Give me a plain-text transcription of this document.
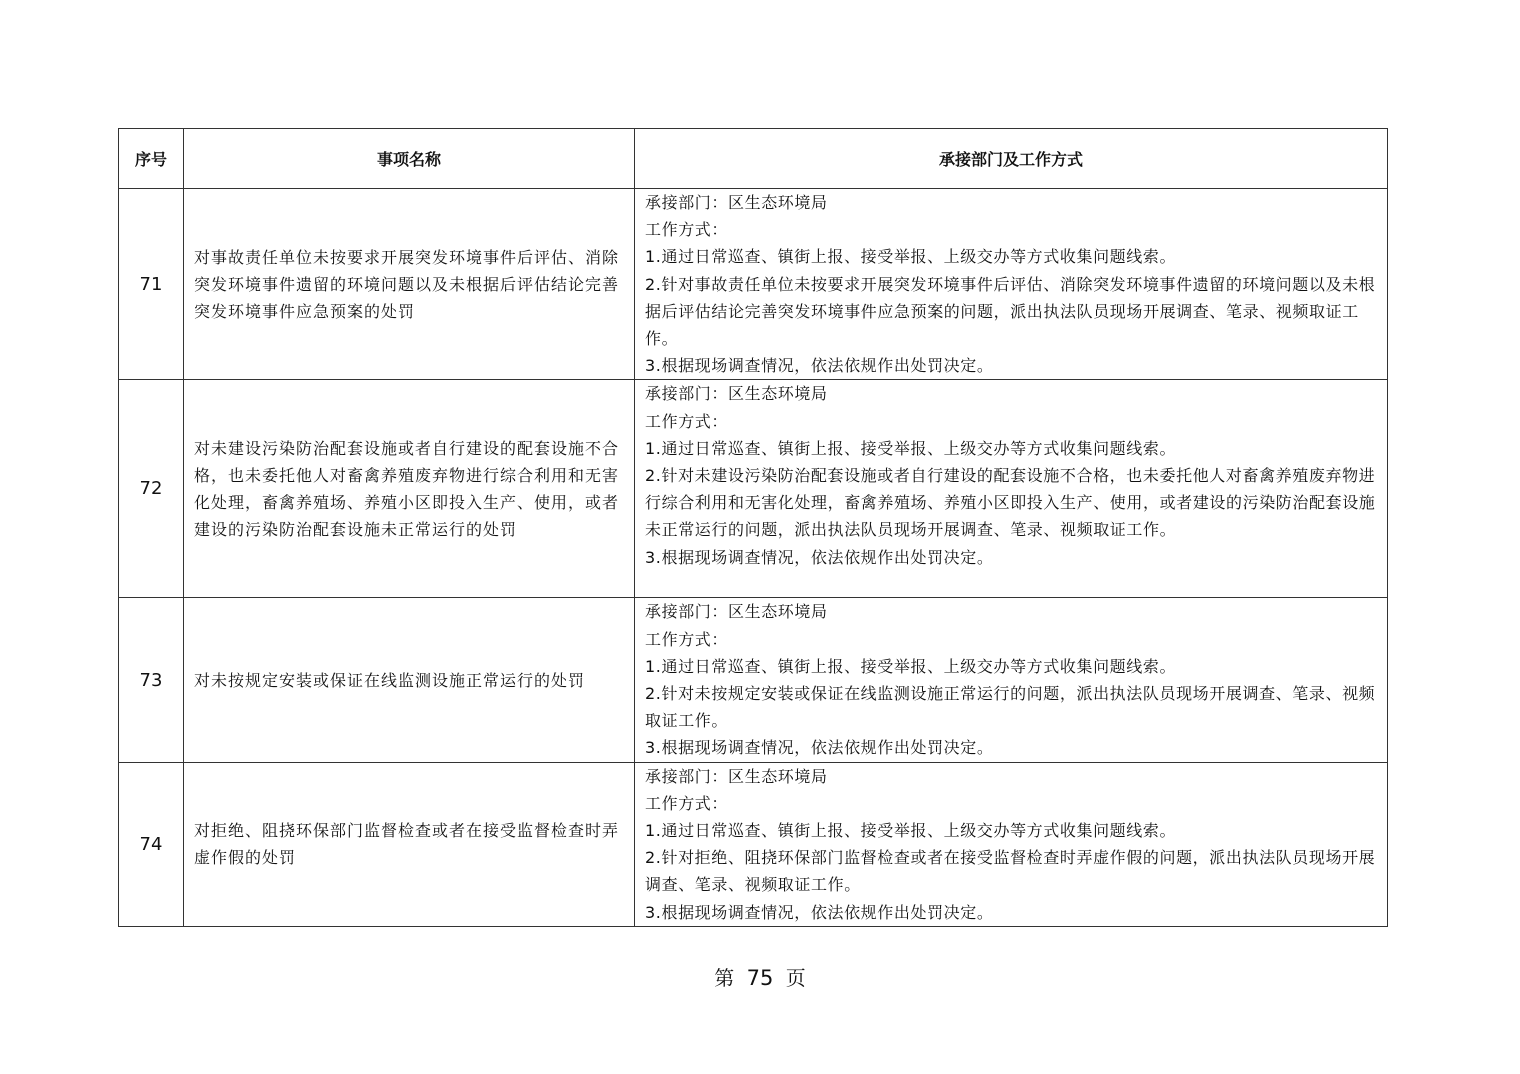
序号	事项名称	承接部门及工作方式
71	对事故责任单位未按要求开展突发环境事件后评估、消除突发环境事件遗留的环境问题以及未根据后评估结论完善突发环境事件应急预案的处罚	承接部门：区生态环境局
工作方式：
1.通过日常巡查、镇街上报、接受举报、上级交办等方式收集问题线索。
2.针对事故责任单位未按要求开展突发环境事件后评估、消除突发环境事件遗留的环境问题以及未根据后评估结论完善突发环境事件应急预案的问题，派出执法队员现场开展调查、笔录、视频取证工作。
3.根据现场调查情况，依法依规作出处罚决定。

72	对未建设污染防治配套设施或者自行建设的配套设施不合格，也未委托他人对畜禽养殖废弃物进行综合利用和无害化处理，畜禽养殖场、养殖小区即投入生产、使用，或者建设的污染防治配套设施未正常运行的处罚	承接部门：区生态环境局
工作方式：
1.通过日常巡查、镇街上报、接受举报、上级交办等方式收集问题线索。
2.针对未建设污染防治配套设施或者自行建设的配套设施不合格，也未委托他人对畜禽养殖废弃物进行综合利用和无害化处理，畜禽养殖场、养殖小区即投入生产、使用，或者建设的污染防治配套设施未正常运行的问题，派出执法队员现场开展调查、笔录、视频取证工作。
3.根据现场调查情况，依法依规作出处罚决定。

73	对未按规定安装或保证在线监测设施正常运行的处罚	承接部门：区生态环境局
工作方式：
1.通过日常巡查、镇街上报、接受举报、上级交办等方式收集问题线索。
2.针对未按规定安装或保证在线监测设施正常运行的问题，派出执法队员现场开展调查、笔录、视频取证工作。
3.根据现场调查情况，依法依规作出处罚决定。

74	对拒绝、阻挠环保部门监督检查或者在接受监督检查时弄虚作假的处罚	承接部门：区生态环境局
工作方式：
1.通过日常巡查、镇街上报、接受举报、上级交办等方式收集问题线索。
2.针对拒绝、阻挠环保部门监督检查或者在接受监督检查时弄虚作假的问题，派出执法队员现场开展调查、笔录、视频取证工作。
3.根据现场调查情况，依法依规作出处罚决定。
第 75 页
